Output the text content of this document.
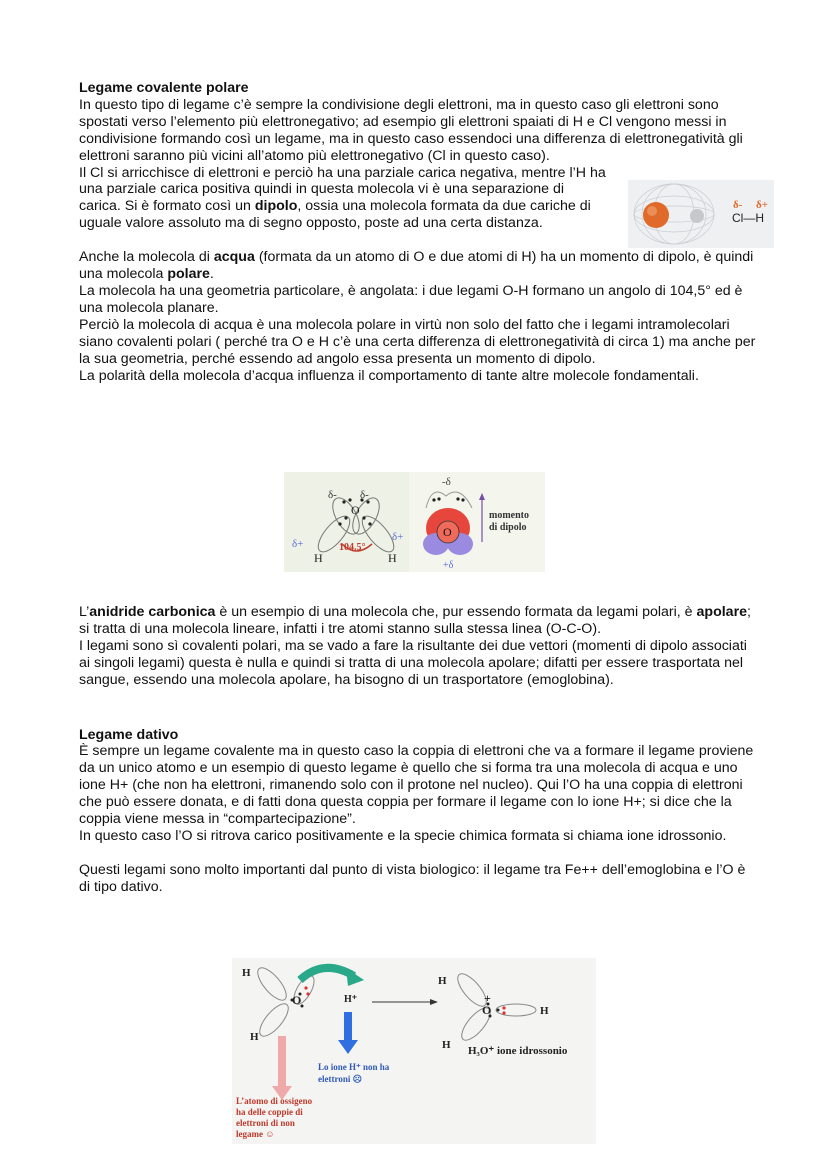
Legame covalente polare

In questo tipo di legame c’è sempre la condivisione degli elettroni, ma in questo caso gli elettroni sono spostati verso l’elemento più elettronegativo; ad esempio gli elettroni spaiati di H e Cl vengono messi in condivisione formando così un legame, ma in questo caso essendoci una differenza di elettronegatività gli elettroni saranno più vicini all’atomo più elettronegativo (Cl in questo caso).

Il Cl si arricchisce di elettroni e perciò ha una parziale carica negativa, mentre l’H ha una parziale carica positiva quindi in questa molecola vi è una separazione di carica. Si è formato così un dipolo, ossia una molecola formata da due cariche di uguale valore assoluto ma di segno opposto, poste ad una certa distanza.

Anche la molecola di acqua (formata da un atomo di O e due atomi di H) ha un momento di dipolo, è quindi una molecola polare.

La molecola ha una geometria particolare, è angolata: i due legami O-H formano un angolo di 104,5° ed è una molecola planare.

Perciò la molecola di acqua è una molecola polare in virtù non solo del fatto che i legami intramolecolari siano covalenti polari ( perché tra O e H c’è una certa differenza di elettronegatività di circa 1) ma anche per la sua geometria, perché essendo ad angolo essa presenta un momento di dipolo.

La polarità della molecola d’acqua influenza il comportamento di tante altre molecole fondamentali.

δ- δ+
Cl—H
δ- δ-
O
δ+
δ+
104.5°
H	H
-δ
O
+δ
momento
di dipolo

L’anidride carbonica è un esempio di una molecola che, pur essendo formata da legami polari, è apolare; si tratta di una molecola lineare, infatti i tre atomi stanno sulla stessa linea (O-C-O).

I legami sono sì covalenti polari, ma se vado a fare la risultante dei due vettori (momenti di dipolo associati ai singoli legami) questa è nulla e quindi si tratta di una molecola apolare; difatti per essere trasportata nel sangue, essendo una molecola apolare, ha bisogno di un trasportatore (emoglobina).

Legame dativo

È sempre un legame covalente ma in questo caso la coppia di elettroni che va a formare il legame proviene da un unico atomo e un esempio di questo legame è quello che si forma tra una molecola di acqua e uno ione H+ (che non ha elettroni, rimanendo solo con il protone nel nucleo). Qui l’O ha una coppia di elettroni che può essere donata, e di fatti dona questa coppia per formare il legame con lo ione H+; si dice che la coppia viene messa in “compartecipazione”.

In questo caso l’O si ritrova carico positivamente e la specie chimica formata si chiama ione idrossonio.

Questi legami sono molto importanti dal punto di vista biologico: il legame tra Fe++ dell’emoglobina e l’O è di tipo dativo.

H
O
H
H⁺
Lo ione H⁺ non ha
elettroni ☹
L’atomo di ossigeno
ha delle coppie di
elettroni di non
legame ☺
H
+
O	H
H H₃O⁺ ione idrossonio
